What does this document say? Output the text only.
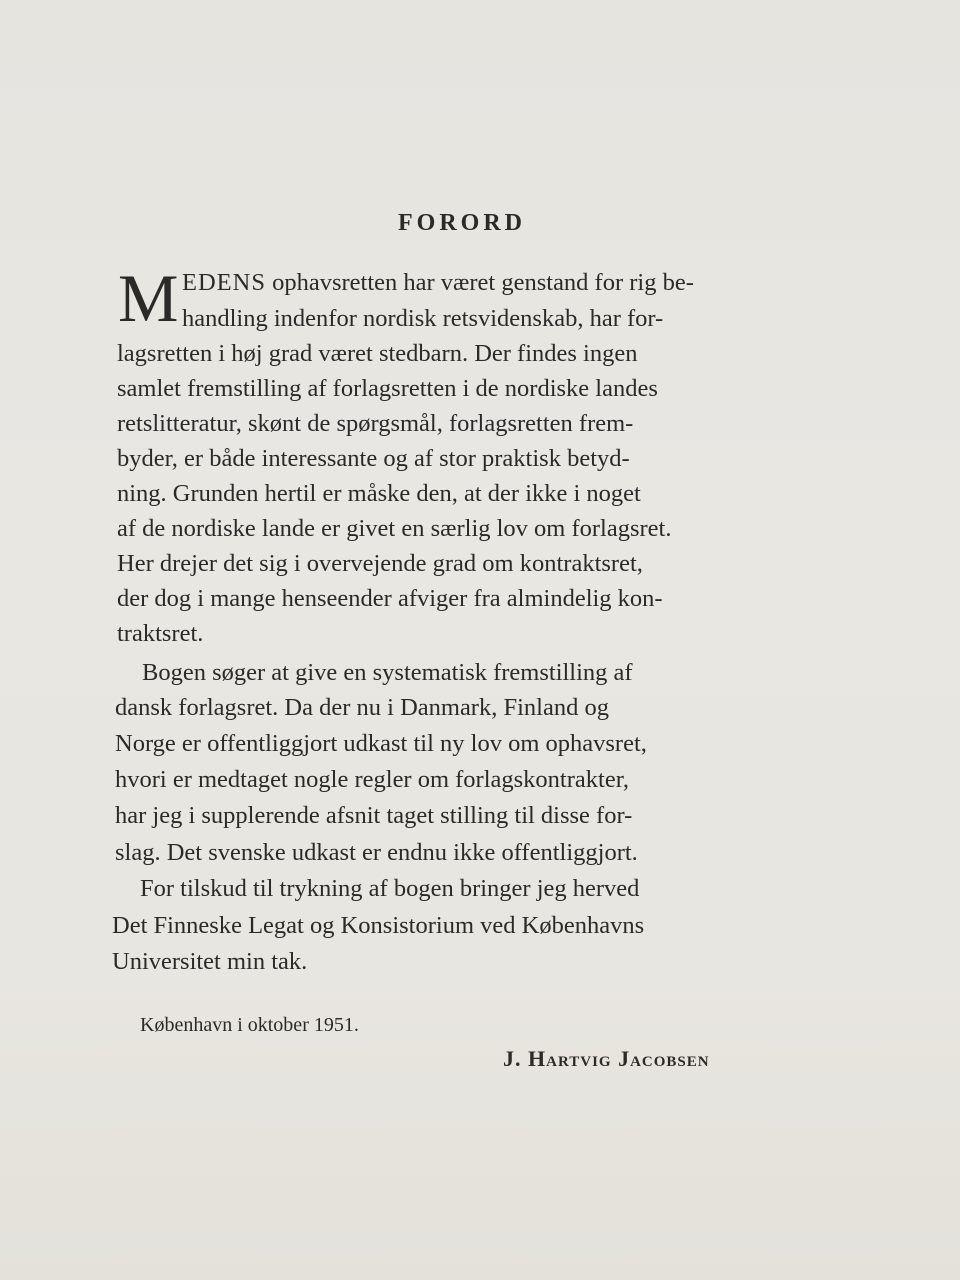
FORORD
M EDENS ophavsretten har været genstand for rig be-
handling indenfor nordisk retsvidenskab, har for-
lagsretten i høj grad været stedbarn. Der findes ingen
samlet fremstilling af forlagsretten i de nordiske landes
retslitteratur, skønt de spørgsmål, forlagsretten frem-
byder, er både interessante og af stor praktisk betyd-
ning. Grunden hertil er måske den, at der ikke i noget
af de nordiske lande er givet en særlig lov om forlagsret.
Her drejer det sig i overvejende grad om kontraktsret,
der dog i mange henseender afviger fra almindelig kon-
traktsret.
Bogen søger at give en systematisk fremstilling af
dansk forlagsret. Da der nu i Danmark, Finland og
Norge er offentliggjort udkast til ny lov om ophavsret,
hvori er medtaget nogle regler om forlagskontrakter,
har jeg i supplerende afsnit taget stilling til disse for-
slag. Det svenske udkast er endnu ikke offentliggjort.
For tilskud til trykning af bogen bringer jeg herved
Det Finneske Legat og Konsistorium ved Københavns
Universitet min tak.
København i oktober 1951.
J. Hartvig Jacobsen
